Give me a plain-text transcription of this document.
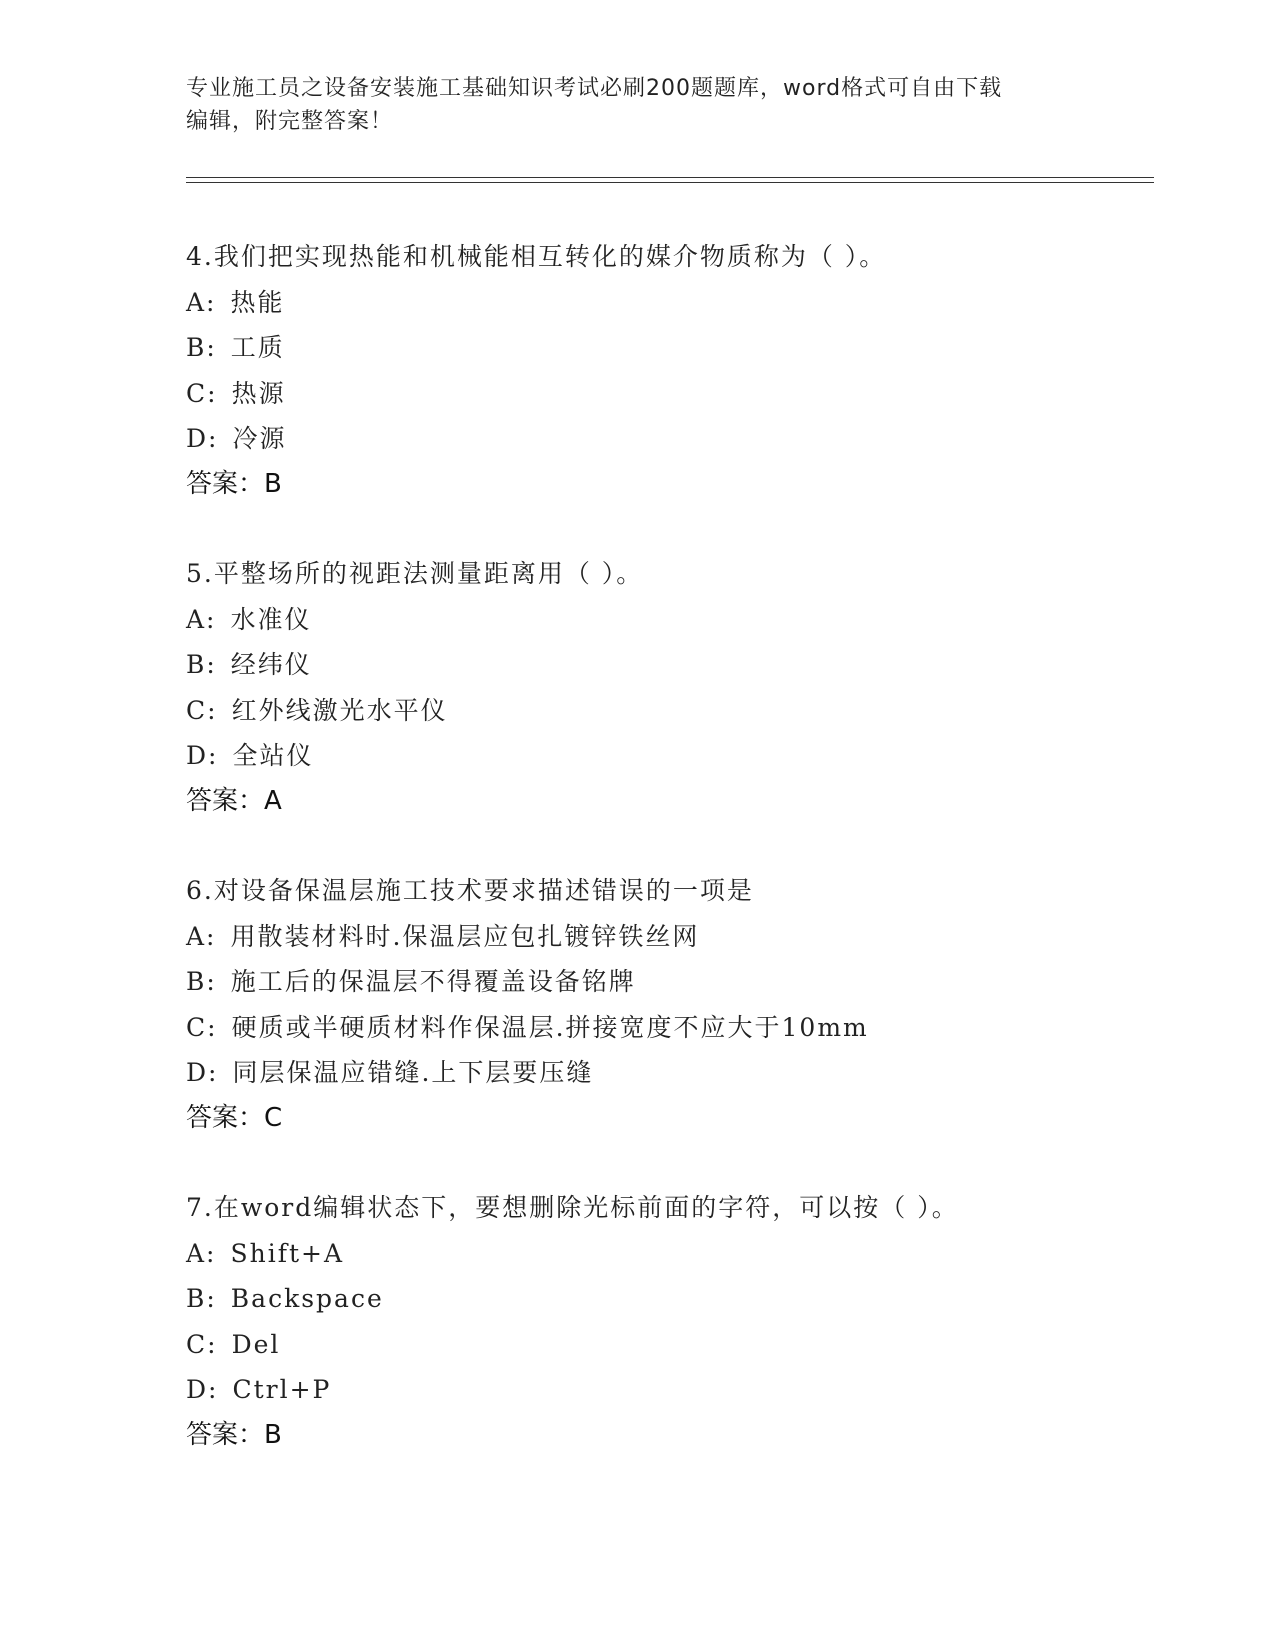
专业施工员之设备安装施工基础知识考试必刷200题题库，word格式可自由下载
编辑，附完整答案！
4.我们把实现热能和机械能相互转化的媒介物质称为（ ）。
A: 热能
B: 工质
C: 热源
D: 冷源
答案：B
5.平整场所的视距法测量距离用（ ）。
A: 水准仪
B: 经纬仪
C: 红外线激光水平仪
D: 全站仪
答案：A
6.对设备保温层施工技术要求描述错误的一项是
A: 用散装材料时.保温层应包扎镀锌铁丝网
B: 施工后的保温层不得覆盖设备铭牌
C: 硬质或半硬质材料作保温层.拼接宽度不应大于10mm
D: 同层保温应错缝.上下层要压缝
答案：C
7.在word编辑状态下，要想删除光标前面的字符，可以按（ ）。
A: Shift+A
B: Backspace
C: Del
D: Ctrl+P
答案：B
